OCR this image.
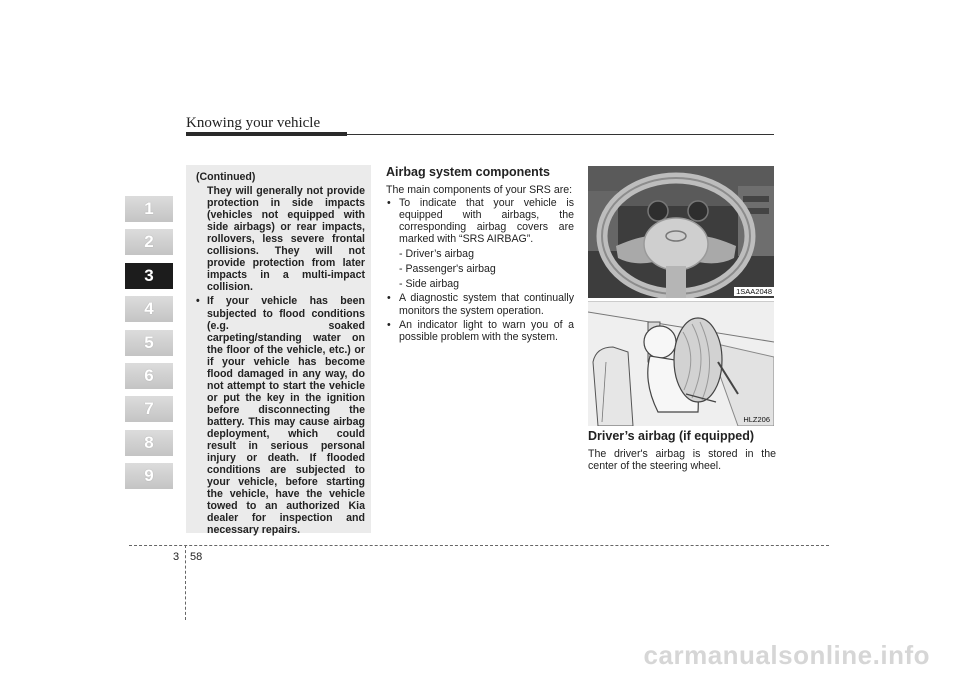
Knowing your vehicle
1
2
3
4
5
6
7
8
9
(Continued)
They will generally not provide protection in side impacts (vehicles not equipped with side airbags) or rear impacts, rollovers, less severe frontal collisions. They will not provide protection from later impacts in a multi-impact collision.
• If your vehicle has been subjected to flood conditions (e.g. soaked carpeting/standing water on the floor of the vehicle, etc.) or if your vehicle has become flood damaged in any way, do not attempt to start the vehicle or put the key in the ignition before disconnecting the battery. This may cause airbag deployment, which could result in serious personal injury or death. If flooded conditions are subjected to your vehicle, before starting the vehicle, have the vehicle towed to an authorized Kia dealer for inspection and necessary repairs.
Airbag system components
The main components of your SRS are:
• To indicate that your vehicle is equipped with airbags, the corresponding airbag covers are marked with “SRS AIRBAG”.
- Driver’s airbag
- Passenger's airbag
- Side airbag
• A diagnostic system that continually monitors the system operation.
• An indicator light to warn you of a possible problem with the system.
1SAA2048
HLZ206
Driver’s airbag (if equipped)

The driver's airbag is stored in the center of the steering wheel.

3 58
carmanualsonline.info
